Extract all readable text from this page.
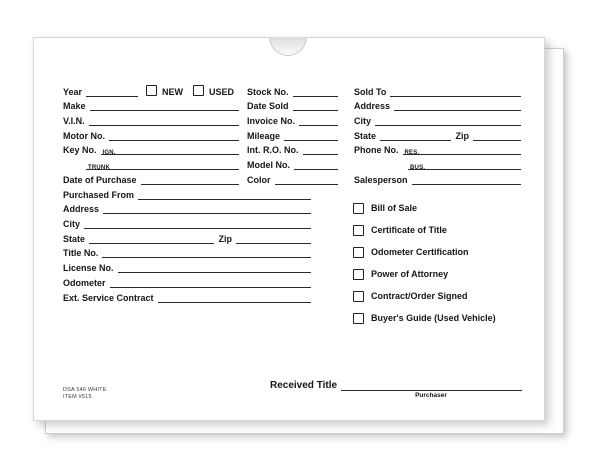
Year	NEW	USED
Make
V.I.N.
Motor No.
Key No.	IGN.
TRUNK
Date of Purchase
Stock No.
Date Sold
Invoice No.
Mileage
Int. R.O. No.
Model No.
Color
Sold To
Address
City
State	Zip
Phone No.	RES.
BUS.
Salesperson
Purchased From
Address
City
State	Zip
Title No.
License No.
Odometer
Ext. Service Contract
Bill of Sale
Certificate of Title
Odometer Certification
Power of Attorney
Contract/Order Signed
Buyer's Guide (Used Vehicle)
DSA 546 WHITE
ITEM #515
Received Title
Purchaser
